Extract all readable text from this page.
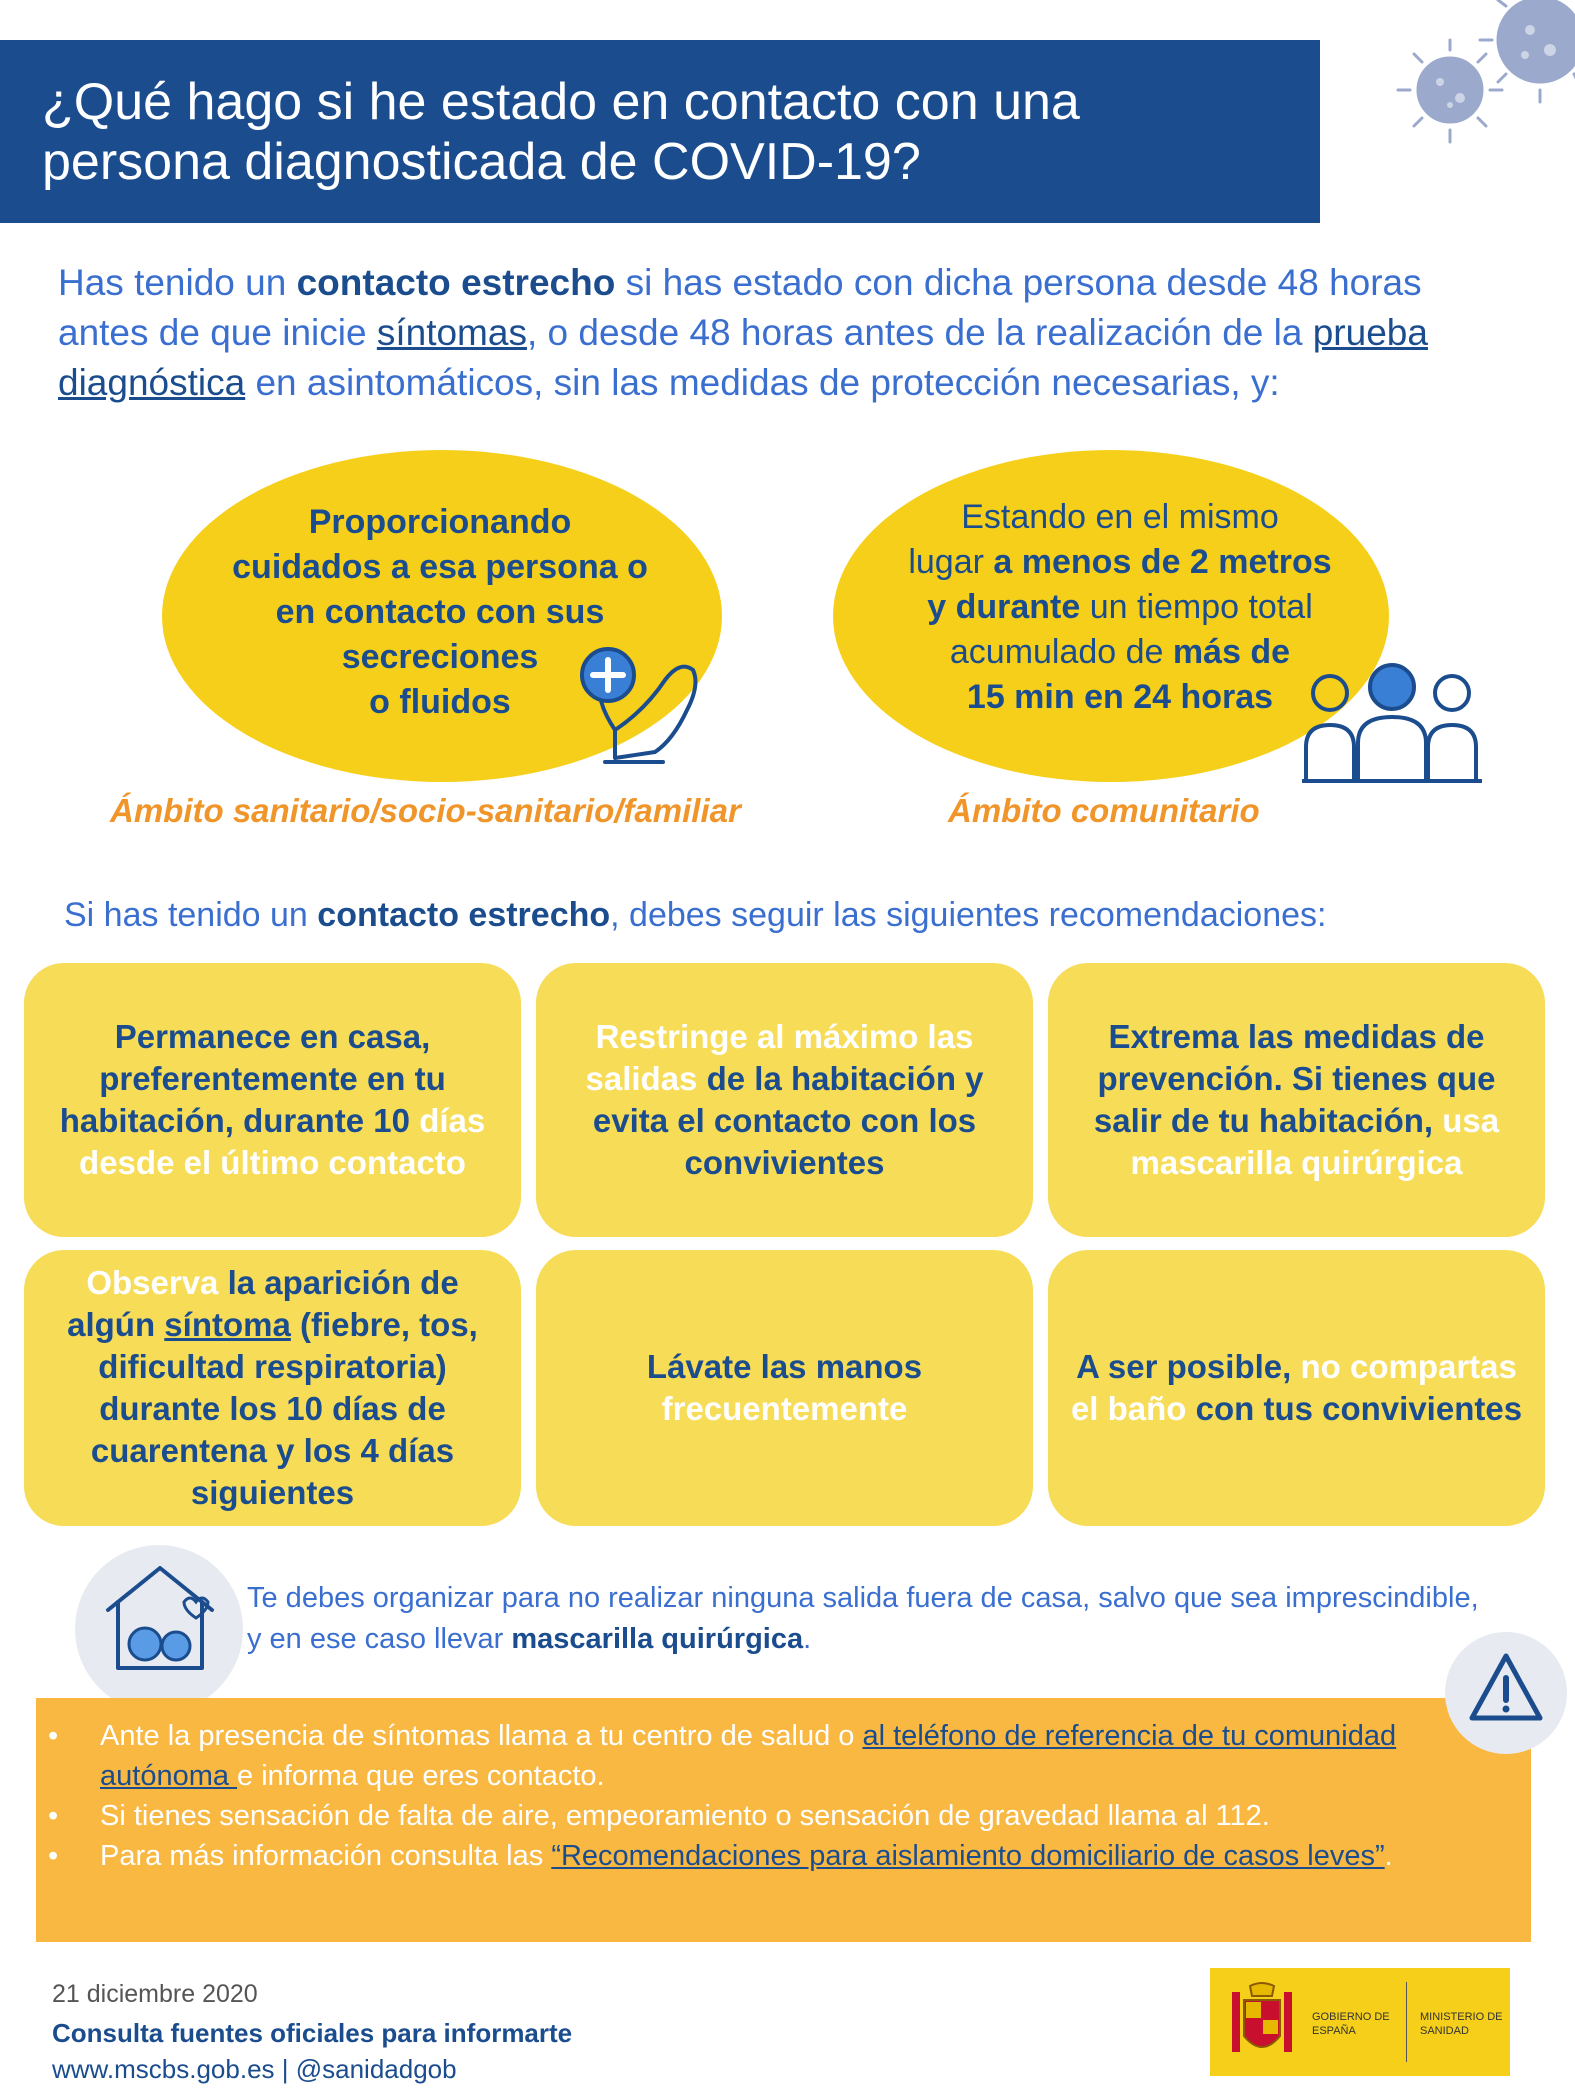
¿Qué hago si he estado en contacto con una
persona diagnosticada de COVID-19?
Has tenido un contacto estrecho si has estado con dicha persona desde 48 horas antes de que inicie síntomas, o desde 48 horas antes de la realización de la prueba diagnóstica en asintomáticos, sin las medidas de protección necesarias, y:
Proporcionando
cuidados a esa persona o
en contacto con sus
secreciones
o fluidos
Estando en el mismo
lugar a menos de 2 metros
y durante un tiempo total
acumulado de más de
15 min en 24 horas
Ámbito sanitario/socio-sanitario/familiar	Ámbito comunitario
Si has tenido un contacto estrecho, debes seguir las siguientes recomendaciones:
Permanece en casa, preferentemente en tu habitación, durante 10 días desde el último contacto
Restringe al máximo las salidas de la habitación y evita el contacto con los convivientes
Extrema las medidas de prevención. Si tienes que salir de tu habitación, usa mascarilla quirúrgica
Observa la aparición de algún síntoma (fiebre, tos, dificultad respiratoria) durante los 10 días de cuarentena y los 4 días siguientes
Lávate las manos
frecuentemente
A ser posible, no compartas el baño con tus convivientes
Te debes organizar para no realizar ninguna salida fuera de casa, salvo que sea imprescindible, y en ese caso llevar mascarilla quirúrgica.
• Ante la presencia de síntomas llama a tu centro de salud o al teléfono de referencia de tu comunidad autónoma e informa que eres contacto.
• Si tienes sensación de falta de aire, empeoramiento o sensación de gravedad llama al 112.
• Para más información consulta las “Recomendaciones para aislamiento domiciliario de casos leves”.
21 diciembre 2020
Consulta fuentes oficiales para informarte
www.mscbs.gob.es | @sanidadgob
GOBIERNO DE ESPAÑA
MINISTERIO DE SANIDAD
